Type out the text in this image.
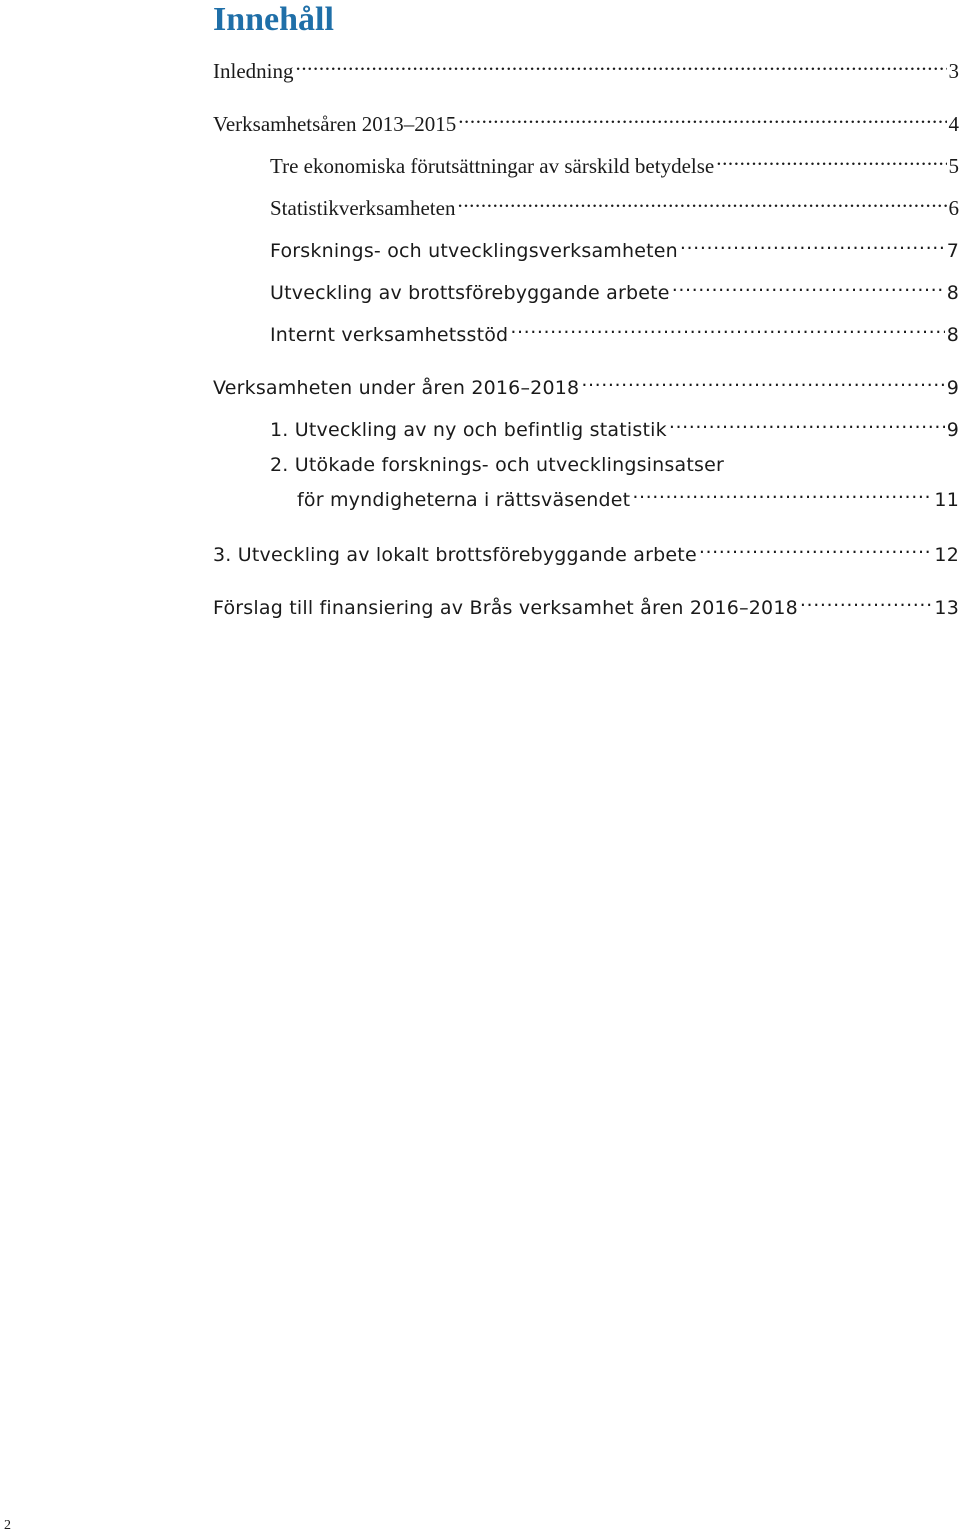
Innehåll
Inledning .....	3
Verksamhetsåren 2013–2015 .....	4
Tre ekonomiska förutsättningar av särskild betydelse .....	5
Statistikverksamheten .....	6
Forsknings- och utvecklingsverksamheten .....	7
Utveckling av brottsförebyggande arbete .....	8
Internt verksamhetsstöd .....	8
Verksamheten under åren 2016–2018 .....	9
1. Utveckling av ny och befintlig statistik .....	9
2. Utökade forsknings- och utvecklingsinsatser
för myndigheterna i rättsväsendet .....	11
3. Utveckling av lokalt brottsförebyggande arbete .....	12
Förslag till finansiering av Brås verksamhet åren 2016–2018 .....	13
2
